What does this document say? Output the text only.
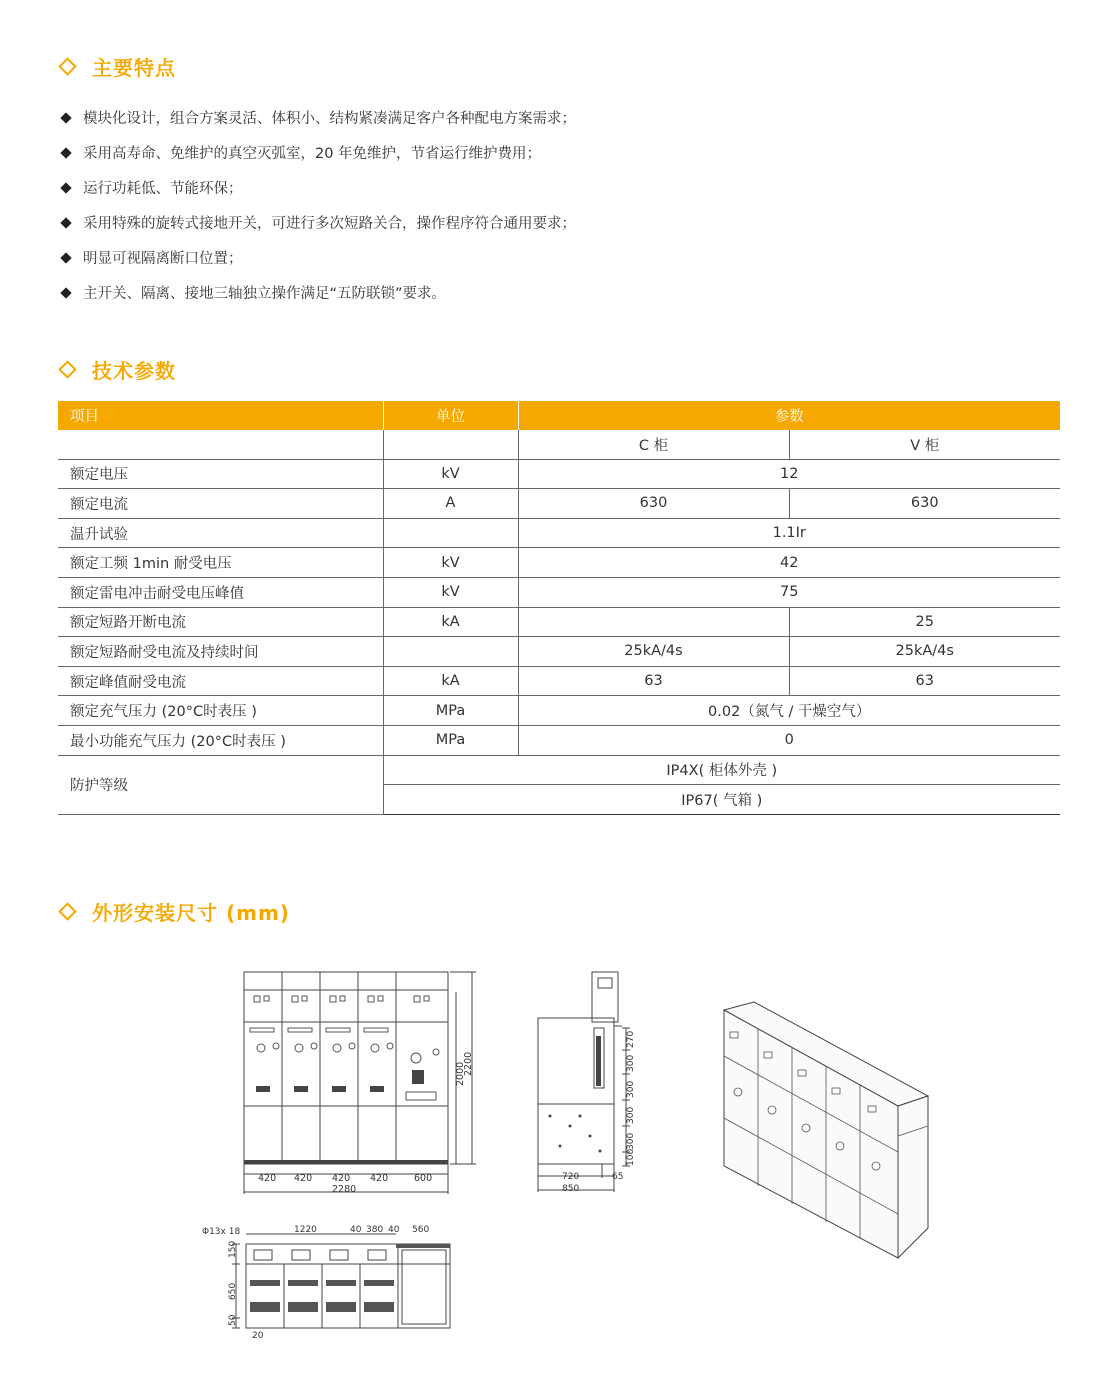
主要特点
模块化设计，组合方案灵活、体积小、结构紧凑满足客户各种配电方案需求；
采用高寿命、免维护的真空灭弧室，20 年免维护，节省运行维护费用；
运行功耗低、节能环保；
采用特殊的旋转式接地开关，可进行多次短路关合，操作程序符合通用要求；
明显可视隔离断口位置；
主开关、隔离、接地三轴独立操作满足“五防联锁”要求。
技术参数
项目	单位	参数	
		C 柜	V 柜
额定电压	kV	12	
额定电流	A	630	630
温升试验		1.1Ir	
额定工频 1min 耐受电压	kV	42	
额定雷电冲击耐受电压峰值	kV	75	
额定短路开断电流	kA		25
额定短路耐受电流及持续时间		25kA/4s	25kA/4s
额定峰值耐受电流	kA	63	63
额定充气压力 (20°C时表压 )	MPa	0.02（氮气 / 干燥空气）	
最小功能充气压力 (20°C时表压 )	MPa	0	
防护等级	IP4X( 柜体外壳 )		
	IP67( 气箱 )		
外形安装尺寸 (mm)
420 420 420 420	600
2280
2000
2200
720	65
850
270
300
300
300
300
100
Φ13x 18	1220	40 380 40 560
150
650
50
20
